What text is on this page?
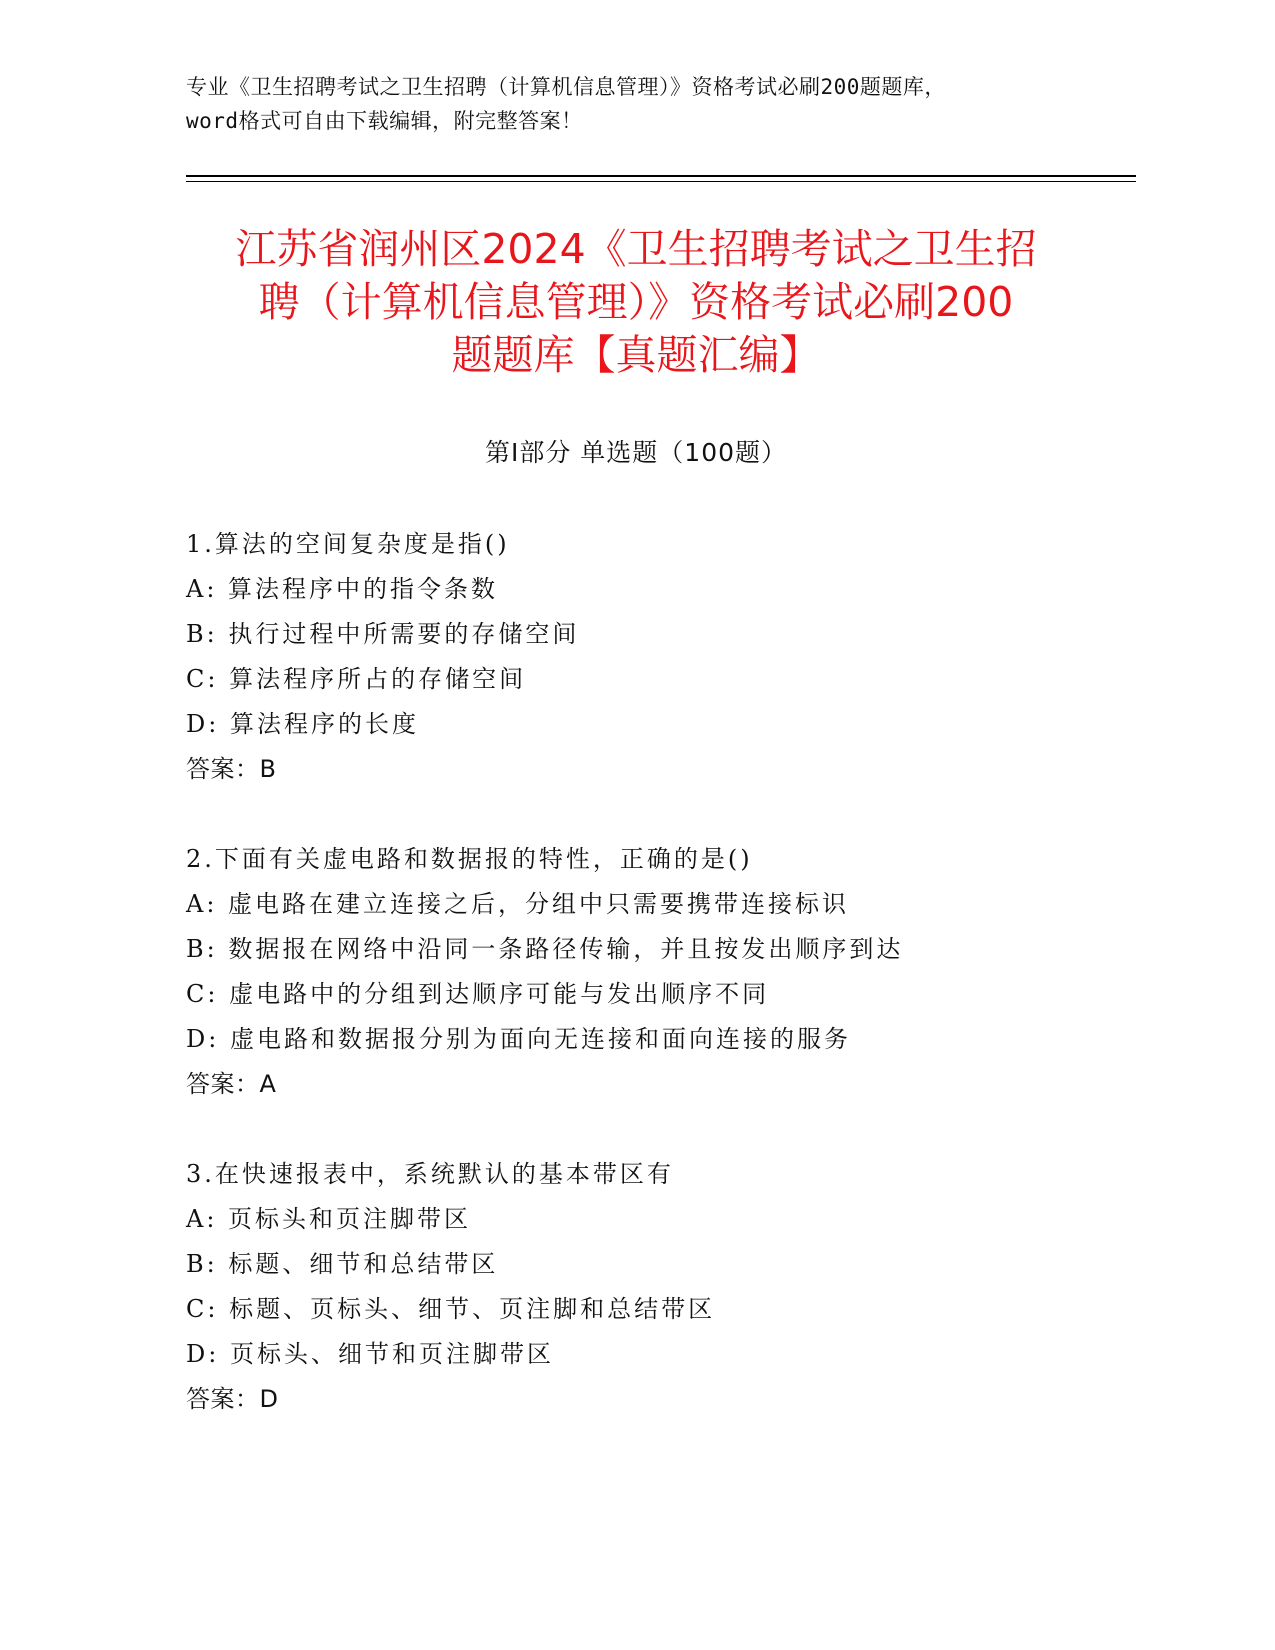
专业《卫生招聘考试之卫生招聘（计算机信息管理）》资格考试必刷200题题库，
word格式可自由下载编辑，附完整答案！
江苏省润州区2024《卫生招聘考试之卫生招
聘（计算机信息管理）》资格考试必刷200
题题库【真题汇编】
第Ⅰ部分 单选题（100题）
1.算法的空间复杂度是指()
A: 算法程序中的指令条数
B: 执行过程中所需要的存储空间
C: 算法程序所占的存储空间
D: 算法程序的长度
答案：B
2.下面有关虚电路和数据报的特性，正确的是()
A: 虚电路在建立连接之后，分组中只需要携带连接标识
B: 数据报在网络中沿同一条路径传输，并且按发出顺序到达
C: 虚电路中的分组到达顺序可能与发出顺序不同
D: 虚电路和数据报分别为面向无连接和面向连接的服务
答案：A
3.在快速报表中，系统默认的基本带区有
A: 页标头和页注脚带区
B: 标题、细节和总结带区
C: 标题、页标头、细节、页注脚和总结带区
D: 页标头、细节和页注脚带区
答案：D
